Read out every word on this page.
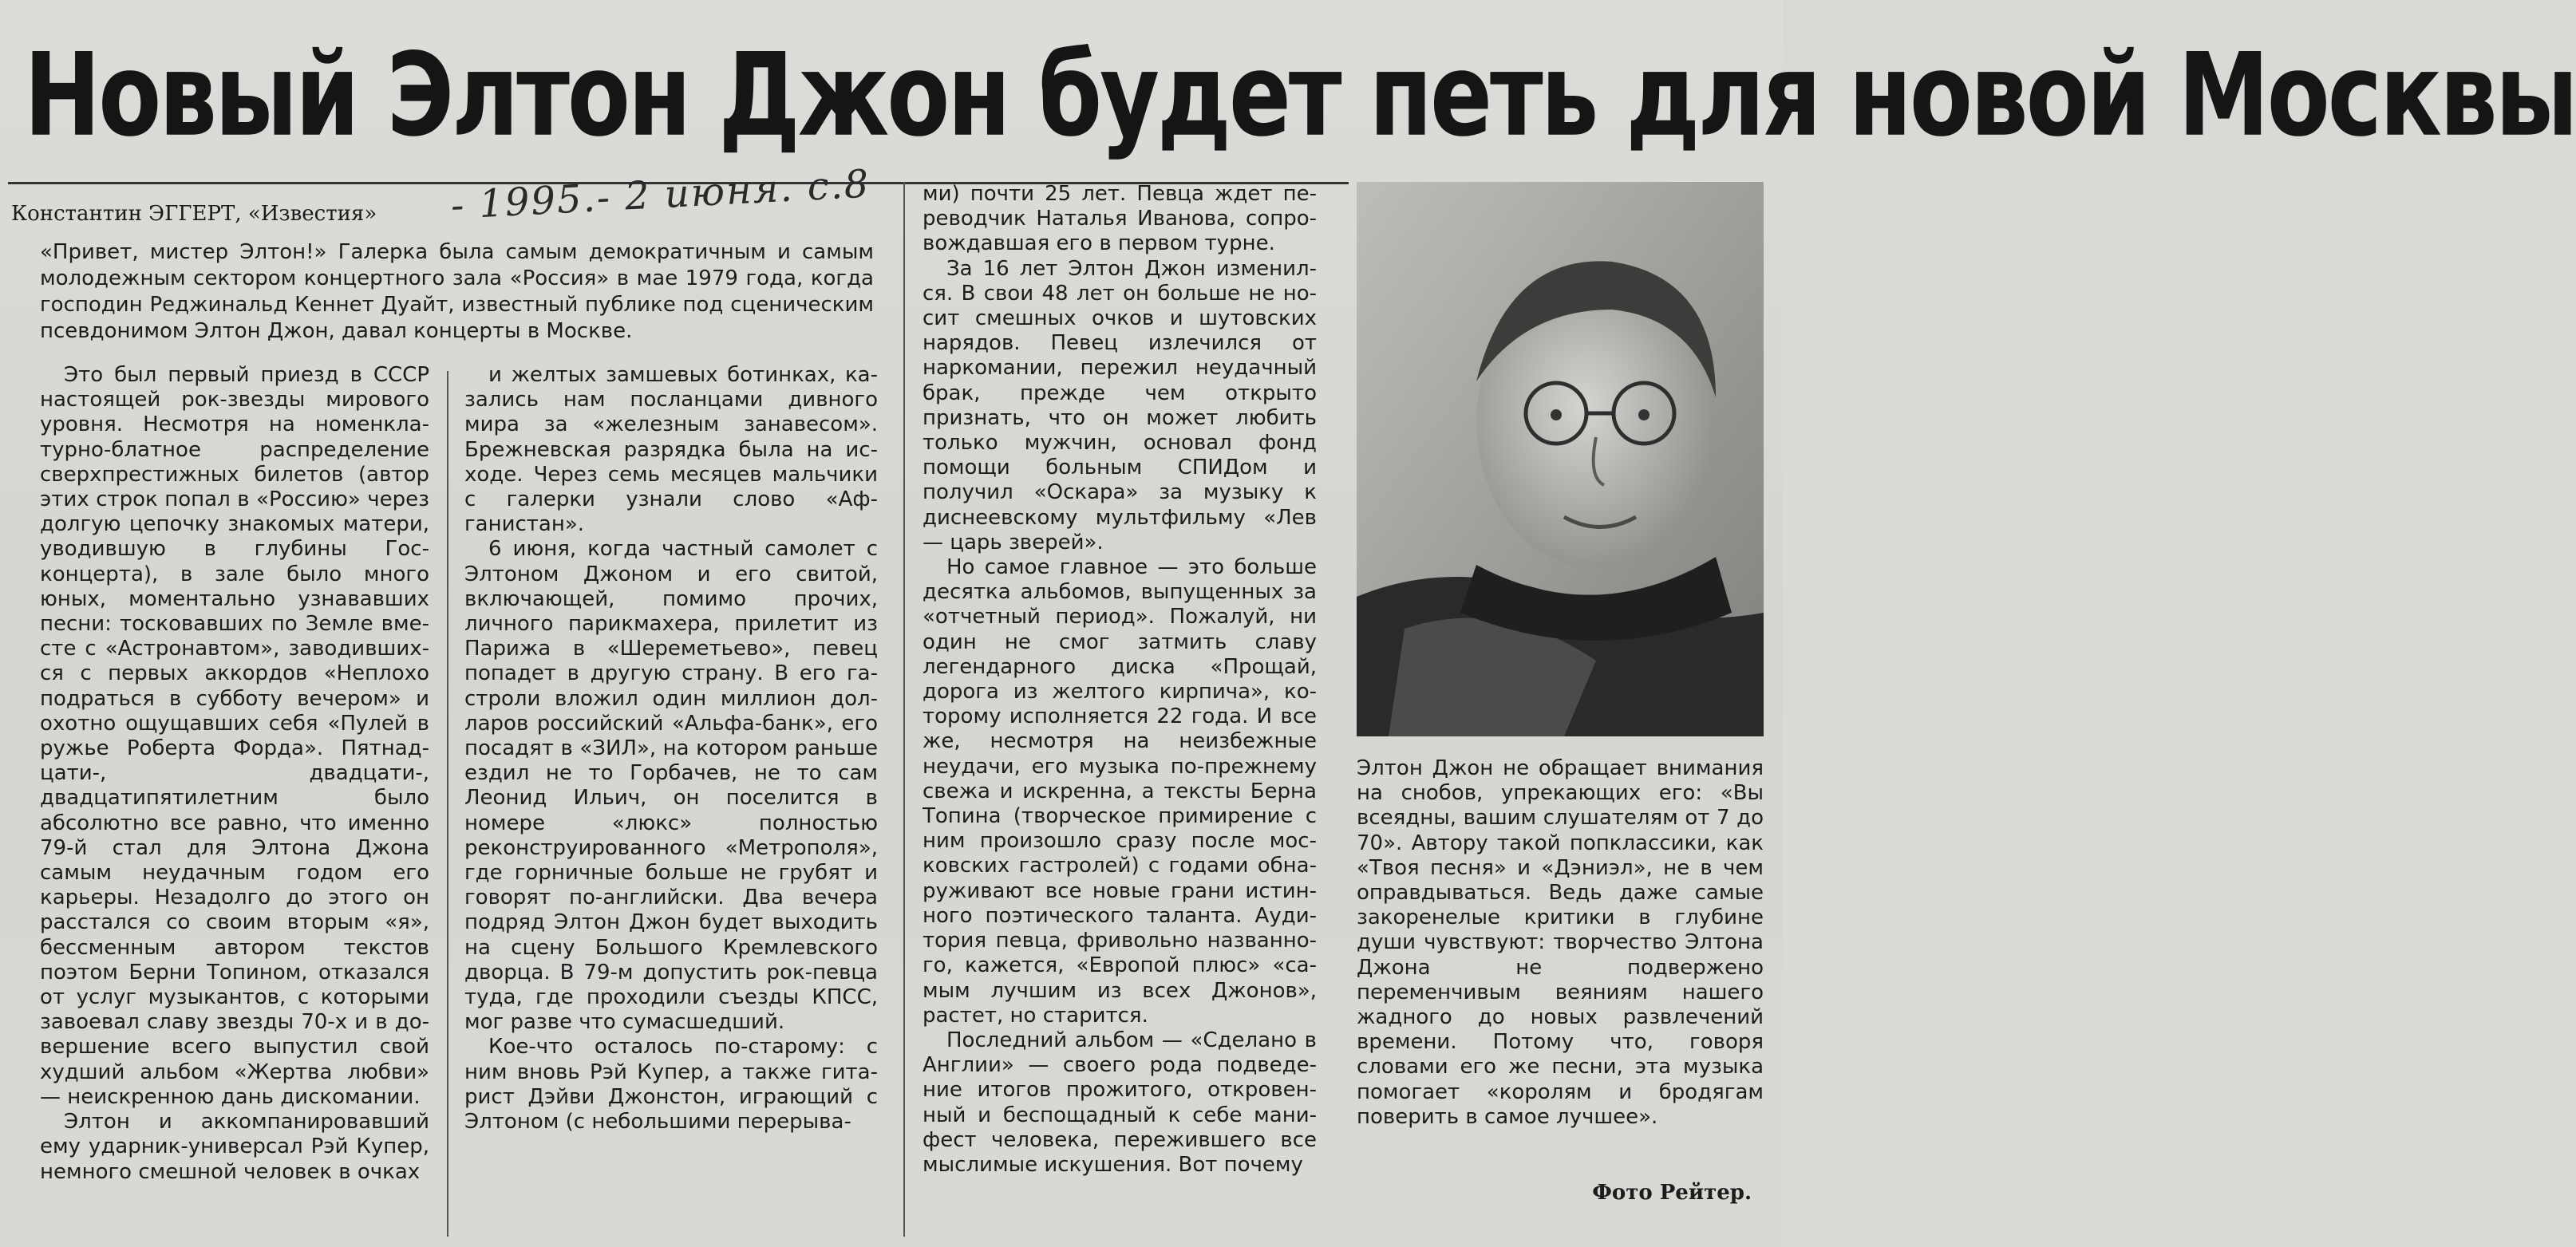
Новый Элтон Джон будет петь для новой Москвы
Константин ЭГГЕРТ, «Известия» - 1995.- 2 июня. с.8

«Привет, мистер Элтон!» Галерка была самым демократичным и самым молодежным сектором концертного зала «Россия» в мае 1979 года, когда господин Реджинальд Кеннет Дуайт, известный публике под сценическим псевдонимом Элтон Джон, давал концерты в Москве.

Это был первый приезд в СССР настоящей рок-звезды мирового уровня. Несмотря на номенклатурно-блатное распределение сверхпрестижных билетов (автор этих строк попал в «Россию» через долгую цепочку знакомых матери, уводившую в глубины Госконцерта), в зале было много юных, моментально узнававших песни: тосковавших по Земле вместе с «Астронавтом», заводившихся с первых аккордов «Неплохо подраться в субботу вечером» и охотно ощущавших себя «Пулей в ружье Роберта Форда». Пятнадцати-, двадцати-, двадцатипятилетним было абсолютно все равно, что именно 79-й стал для Элтона Джона самым неудачным годом его карьеры. Незадолго до этого он расстался со своим вторым «я», бессменным автором текстов поэтом Берни Топином, отказался от услуг музыкантов, с которыми завоевал славу звезды 70-х и в довершение всего выпустил свой худший альбом «Жертва любви» — неискренною дань дискомании.

Элтон и аккомпанировавший ему ударник-универсал Рэй Купер, немного смешной человек в очках

и желтых замшевых ботинках, казались нам посланцами дивного мира за «железным занавесом». Брежневская разрядка была на исходе. Через семь месяцев мальчики с галерки узнали слово «Афганистан».

6 июня, когда частный самолет с Элтоном Джоном и его свитой, включающей, помимо прочих, личного парикмахера, прилетит из Парижа в «Шереметьево», певец попадет в другую страну. В его гастроли вложил один миллион долларов российский «Альфа-банк», его посадят в «ЗИЛ», на котором раньше ездил не то Горбачев, не то сам Леонид Ильич, он поселится в номере «люкс» полностью реконструированного «Метрополя», где горничные больше не грубят и говорят по-английски. Два вечера подряд Элтон Джон будет выходить на сцену Большого Кремлевского дворца. В 79-м допустить рок-певца туда, где проходили съезды КПСС, мог разве что сумасшедший.

Кое-что осталось по-старому: с ним вновь Рэй Купер, а также гитарист Дэйви Джонстон, играющий с Элтоном (с небольшими перерыва-

ми) почти 25 лет. Певца ждет переводчик Наталья Иванова, сопровождавшая его в первом турне.

За 16 лет Элтон Джон изменился. В свои 48 лет он больше не носит смешных очков и шутовских нарядов. Певец излечился от наркомании, пережил неудачный брак, прежде чем открыто признать, что он может любить только мужчин, основал фонд помощи больным СПИДом и получил «Оскара» за музыку к диснеевскому мультфильму «Лев — царь зверей».

Но самое главное — это больше десятка альбомов, выпущенных за «отчетный период». Пожалуй, ни один не смог затмить славу легендарного диска «Прощай, дорога из желтого кирпича», которому исполняется 22 года. И все же, несмотря на неизбежные неудачи, его музыка по-прежнему свежа и искренна, а тексты Берна Топина (творческое примирение с ним произошло сразу после московских гастролей) с годами обнаруживают все новые грани истинного поэтического таланта. Аудитория певца, фривольно названного, кажется, «Европой плюс» «самым лучшим из всех Джонов», растет, но старится.

Последний альбом — «Сделано в Англии» — своего рода подведение итогов прожитого, откровенный и беспощадный к себе манифест человека, пережившего все мыслимые искушения. Вот почему

Элтон Джон не обращает внимания на снобов, упрекающих его: «Вы всеядны, вашим слушателям от 7 до 70». Автору такой попклассики, как «Твоя песня» и «Дэниэл», не в чем оправдываться. Ведь даже самые закоренелые критики в глубине души чувствуют: творчество Элтона Джона не подвержено переменчивым веяниям нашего жадного до новых развлечений времени. Потому что, говоря словами его же песни, эта музыка помогает «королям и бродягам поверить в самое лучшее».

Фото Рейтер.
